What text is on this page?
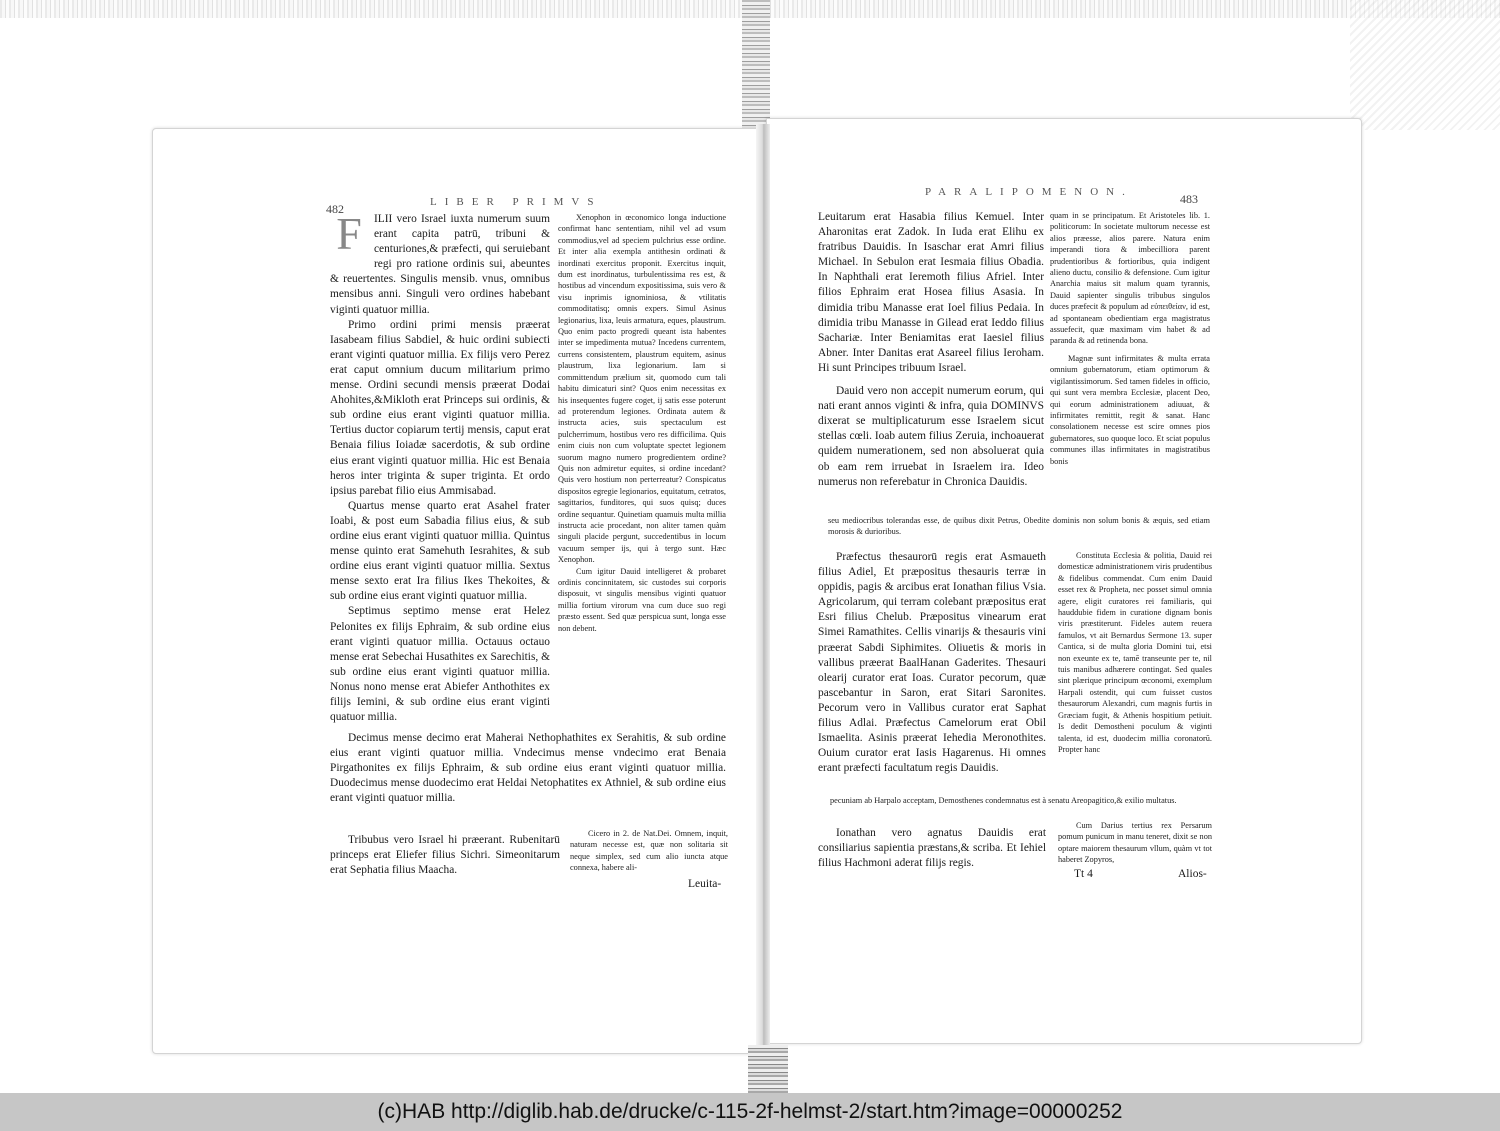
482	LIBER PRIMVS

F	ILII vero Israel iuxta numerum suum erant capita patrū, tribuni & centuriones,& præfecti, qui seruiebant regi pro ratione ordinis sui, abeuntes & reuertentes. Singulis mensib. vnus, omnibus mensibus anni. Singuli vero ordines habebant viginti quatuor millia.

Primo ordini primi mensis præerat Iasabeam filius Sabdiel, & huic ordini subiecti erant viginti quatuor millia. Ex filijs vero Perez erat caput omnium ducum militarium primo mense. Ordini secundi mensis præerat Dodai Ahohites,&Mikloth erat Princeps sui ordinis, & sub ordine eius erant viginti quatuor millia. Tertius ductor copiarum tertij mensis, caput erat Benaia filius Ioiadæ sacerdotis, & sub ordine eius erant viginti quatuor millia. Hic est Benaia heros inter triginta & super triginta. Et ordo ipsius parebat filio eius Ammisabad.

Quartus mense quarto erat Asahel frater Ioabi, & post eum Sabadia filius eius, & sub ordine eius erant viginti quatuor millia. Quintus mense quinto erat Samehuth Iesrahites, & sub ordine eius erant viginti quatuor millia. Sextus mense sexto erat Ira filius Ikes Thekoites, & sub ordine eius erant viginti quatuor millia.

Septimus septimo mense erat Helez Pelonites ex filijs Ephraim, & sub ordine eius erant viginti quatuor millia. Octauus octauo mense erat Sebechai Husathites ex Sarechitis, & sub ordine eius erant viginti quatuor millia. Nonus nono mense erat Abiefer Anthothites ex filijs Iemini, & sub ordine eius erant viginti quatuor millia.

Decimus mense decimo erat Maherai Nethophathites ex Serahitis, & sub ordine eius erant viginti quatuor millia. Vndecimus mense vndecimo erat Benaia Pirgathonites ex filijs Ephraim, & sub ordine eius erant viginti quatuor millia. Duodecimus mense duodecimo erat Heldai Netophatites ex Athniel, & sub ordine eius erant viginti quatuor millia.

Tribubus vero Israel hi præerant. Rubenitarū princeps erat Eliefer filius Sichri. Simeonitarum erat Sephatia filius Maacha.

Xenophon in œconomico longa inductione confirmat hanc sententiam, nihil vel ad vsum commodius,vel ad speciem pulchrius esse ordine. Et inter alia exempla antithesin ordinati & inordinati exercitus proponit. Exercitus inquit, dum est inordinatus, turbulentissima res est, & hostibus ad vincendum expositissima, suis vero & visu inprimis ignominiosa, & vtilitatis commoditatisq; omnis expers. Simul Asinus legionarius, lixa, leuis armatura, eques, plaustrum. Quo enim pacto progredi queant ista habentes inter se impedimenta mutua? Incedens currentem, currens consistentem, plaustrum equitem, asinus plaustrum, lixa legionarium. Iam si committendum prælium sit, quomodo cum tali habitu dimicaturi sint? Quos enim necessitas ex his insequentes fugere coget, ij satis esse poterunt ad proterendum legiones. Ordinata autem & instructa acies, suis spectaculum est pulcherrimum, hostibus vero res difficilima. Quis enim ciuis non cum voluptate spectet legionem suorum magno numero progredientem ordine? Quis non admiretur equites, si ordine incedant? Quis vero hostium non perterreatur? Conspicatus dispositos egregie legionarios, equitatum, cetratos, sagittarios, funditores, qui suos quisq; duces ordine sequantur. Quinetiam quamuis multa millia instructa acie procedant, non aliter tamen quàm singuli placide pergunt, succedentibus in locum vacuum semper ijs, qui à tergo sunt. Hæc Xenophon.

Cum igitur Dauid intelligeret & probaret ordinis concinnitatem, sic custodes sui corporis disposuit, vt singulis mensibus viginti quatuor millia fortium virorum vna cum duce suo regi præsto essent. Sed quæ perspicua sunt, longa esse non debent.

Cicero in 2. de Nat.Dei. Omnem, inquit, naturam necesse est, quæ non solitaria sit neque simplex, sed cum alio iuncta atque connexa, habere ali-

Leuita-
PARALIPOMENON.	483

Leuitarum erat Hasabia filius Kemuel. Inter Aharonitas erat Zadok. In Iuda erat Elihu ex fratribus Dauidis. In Isaschar erat Amri filius Michael. In Sebulon erat Iesmaia filius Obadia. In Naphthali erat Ieremoth filius Afriel. Inter filios Ephraim erat Hosea filius Asasia. In dimidia tribu Manasse erat Ioel filius Pedaia. In dimidia tribu Manasse in Gilead erat Ieddo filius Sachariæ. Inter Beniamitas erat Iaesiel filius Abner. Inter Danitas erat Asareel filius Ieroham. Hi sunt Principes tribuum Israel.

Dauid vero non accepit numerum eorum, qui nati erant annos viginti & infra, quia DOMINVS dixerat se multiplicaturum esse Israelem sicut stellas cœli. Ioab autem filius Zeruia, inchoauerat quidem numerationem, sed non absoluerat quia ob eam rem irruebat in Israelem ira. Ideo numerus non referebatur in Chronica Dauidis.

quam in se principatum. Et Aristoteles lib. 1. politicorum: In societate multorum necesse est alios præesse, alios parere. Natura enim imperandi tiora & imbecilliora parent prudentioribus & fortioribus, quia indigent alieno ductu, consilio & defensione. Cum igitur Anarchia maius sit malum quam tyrannis, Dauid sapienter singulis tribubus singulos duces præfecit & populum ad εὐπειθείαν, id est, ad spontaneam obedientiam erga magistratus assuefecit, quæ maximam vim habet & ad paranda & ad retinenda bona.

Magnæ sunt infirmitates & multa errata omnium gubernatorum, etiam optimorum & vigilantissimorum. Sed tamen fideles in officio, qui sunt vera membra Ecclesiæ, placent Deo, qui eorum administrationem adiuuat, & infirmitates remittit, regit & sanat. Hanc consolationem necesse est scire omnes pios gubernatores, suo quoque loco. Et sciat populus communes illas infirmitates in magistratibus bonis

seu mediocribus tolerandas esse, de quibus dixit Petrus, Obedite dominis non solum bonis & æquis, sed etiam morosis & durioribus.

Præfectus thesaurorū regis erat Asmaueth filius Adiel, Et præpositus thesauris terræ in oppidis, pagis & arcibus erat Ionathan filius Vsia. Agricolarum, qui terram colebant præpositus erat Esri filius Chelub. Præpositus vinearum erat Simei Ramathites. Cellis vinarijs & thesauris vini præerat Sabdi Siphimites. Oliuetis & moris in vallibus præerat BaalHanan Gaderites. Thesauri olearij curator erat Ioas. Curator pecorum, quæ pascebantur in Saron, erat Sitari Saronites. Pecorum vero in Vallibus curator erat Saphat filius Adlai. Præfectus Camelorum erat Obil Ismaelita. Asinis præerat Iehedia Meronothites. Ouium curator erat Iasis Hagarenus. Hi omnes erant præfecti facultatum regis Dauidis.

Constituta Ecclesia & politia, Dauid rei domesticæ administrationem viris prudentibus & fidelibus commendat. Cum enim Dauid esset rex & Propheta, nec posset simul omnia agere, eligit curatores rei familiaris, qui hauddubie fidem in curatione dignam bonis viris præstiterunt. Fideles autem reuera famulos, vt ait Bernardus Sermone 13. super Cantica, si de multa gloria Domini tui, etsi non exeunte ex te, tamē transeunte per te, nil tuis manibus adhærere contingat. Sed quales sint plærique principum œconomi, exemplum Harpali ostendit, qui cum fuisset custos thesaurorum Alexandri, cum magnis furtis in Græciam fugit, & Athenis hospitium petiuit. Is dedit Demostheni poculum & viginti talenta, id est, duodecim millia coronatorū. Propter hanc

pecuniam ab Harpalo acceptam, Demosthenes condemnatus est à senatu Areopagitico,& exilio multatus.

Ionathan vero agnatus Dauidis erat consiliarius sapientia præstans,& scriba. Et Iehiel filius Hachmoni aderat filijs regis.

Cum Darius tertius rex Persarum pomum punicum in manu teneret, dixit se non optare maiorem thesaurum vllum, quàm vt tot haberet Zopyros,

Tt 4	Alios-
(c)HAB http://diglib.hab.de/drucke/c-115-2f-helmst-2/start.htm?image=00000252
